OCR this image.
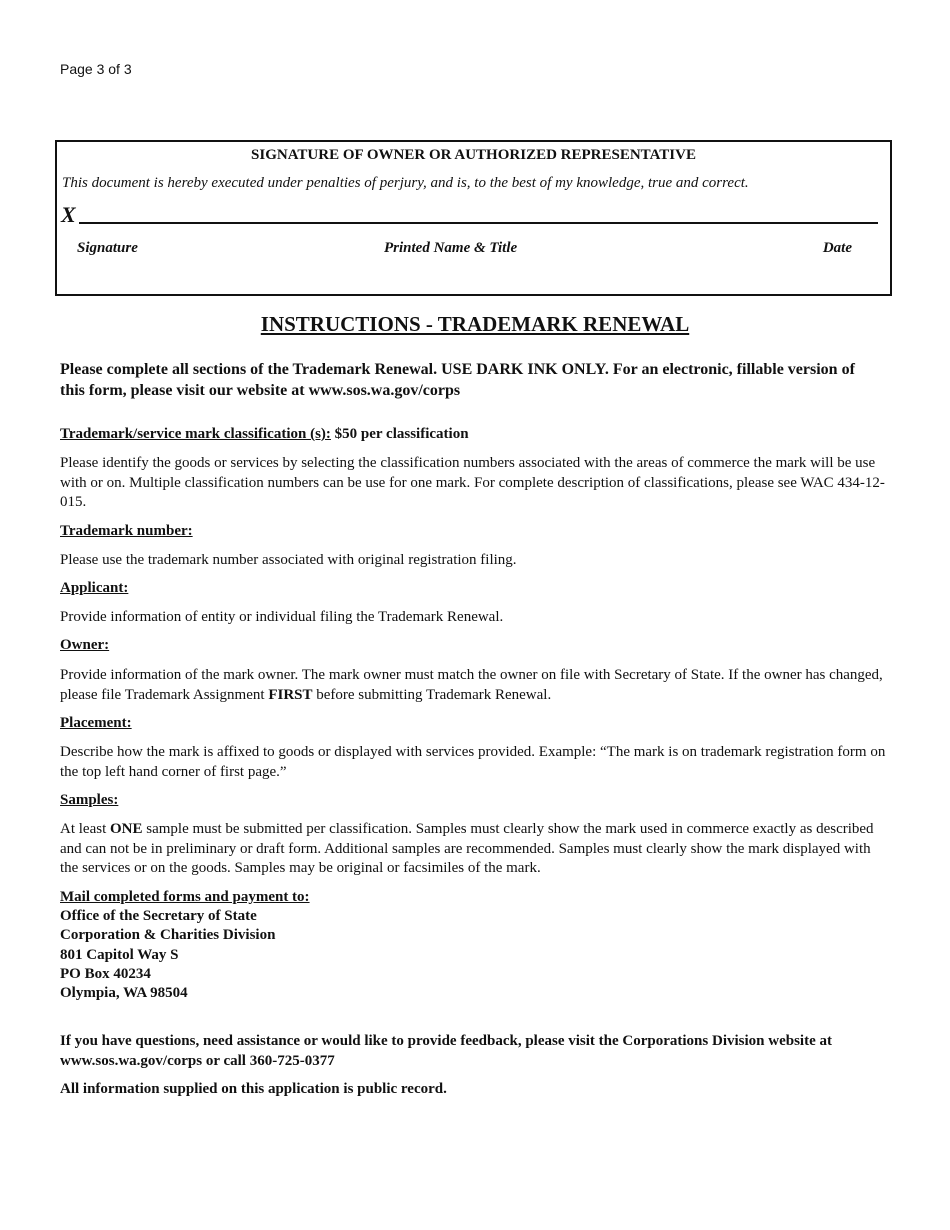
Page 3 of 3
SIGNATURE OF OWNER OR AUTHORIZED REPRESENTATIVE
This document is hereby executed under penalties of perjury, and is, to the best of my knowledge, true and correct.
X
Signature	Printed Name & Title	Date
INSTRUCTIONS - TRADEMARK RENEWAL
Please complete all sections of the Trademark Renewal. USE DARK INK ONLY. For an electronic, fillable version of this form, please visit our website at www.sos.wa.gov/corps
Trademark/service mark classification (s): $50 per classification
Please identify the goods or services by selecting the classification numbers associated with the areas of commerce the mark will be use with or on. Multiple classification numbers can be use for one mark. For complete description of classifications, please see WAC 434-12-015.
Trademark number:
Please use the trademark number associated with original registration filing.
Applicant:
Provide information of entity or individual filing the Trademark Renewal.
Owner:
Provide information of the mark owner. The mark owner must match the owner on file with Secretary of State. If the owner has changed, please file Trademark Assignment FIRST before submitting Trademark Renewal.
Placement:
Describe how the mark is affixed to goods or displayed with services provided. Example: “The mark is on trademark registration form on the top left hand corner of first page.”
Samples:
At least ONE sample must be submitted per classification. Samples must clearly show the mark used in commerce exactly as described and can not be in preliminary or draft form. Additional samples are recommended. Samples must clearly show the mark displayed with the services or on the goods. Samples may be original or facsimiles of the mark.
Mail completed forms and payment to:
Office of the Secretary of State
Corporation & Charities Division
801 Capitol Way S
PO Box 40234
Olympia, WA 98504
If you have questions, need assistance or would like to provide feedback, please visit the Corporations Division website at www.sos.wa.gov/corps or call 360-725-0377
All information supplied on this application is public record.
